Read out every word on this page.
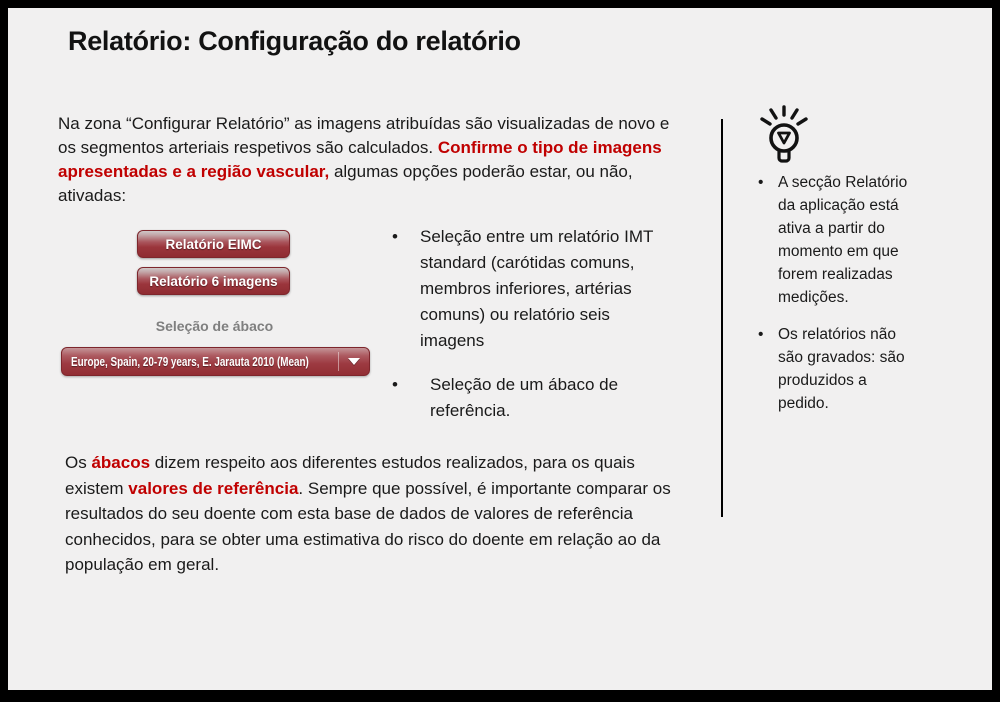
Relatório: Configuração do relatório

Na zona “Configurar Relatório” as imagens atribuídas são visualizadas de novo e os segmentos arteriais respetivos são calculados. Confirme o tipo de imagens apresentadas e a região vascular, algumas opções poderão estar, ou não, ativadas:

Relatório EIMC
Relatório 6 imagens
Seleção de ábaco
Europe, Spain, 20-79 years, E. Jarauta 2010 (Mean)
• Seleção entre um relatório IMT standard (carótidas comuns, membros inferiores, artérias comuns) ou relatório seis imagens
• Seleção de um ábaco de referência.

Os ábacos dizem respeito aos diferentes estudos realizados, para os quais existem valores de referência. Sempre que possível, é importante comparar os resultados do seu doente com esta base de dados de valores de referência conhecidos, para se obter uma estimativa do risco do doente em relação ao da população em geral.

• A secção Relatório da aplicação está ativa a partir do momento em que forem realizadas medições.
• Os relatórios não são gravados: são produzidos a pedido.
